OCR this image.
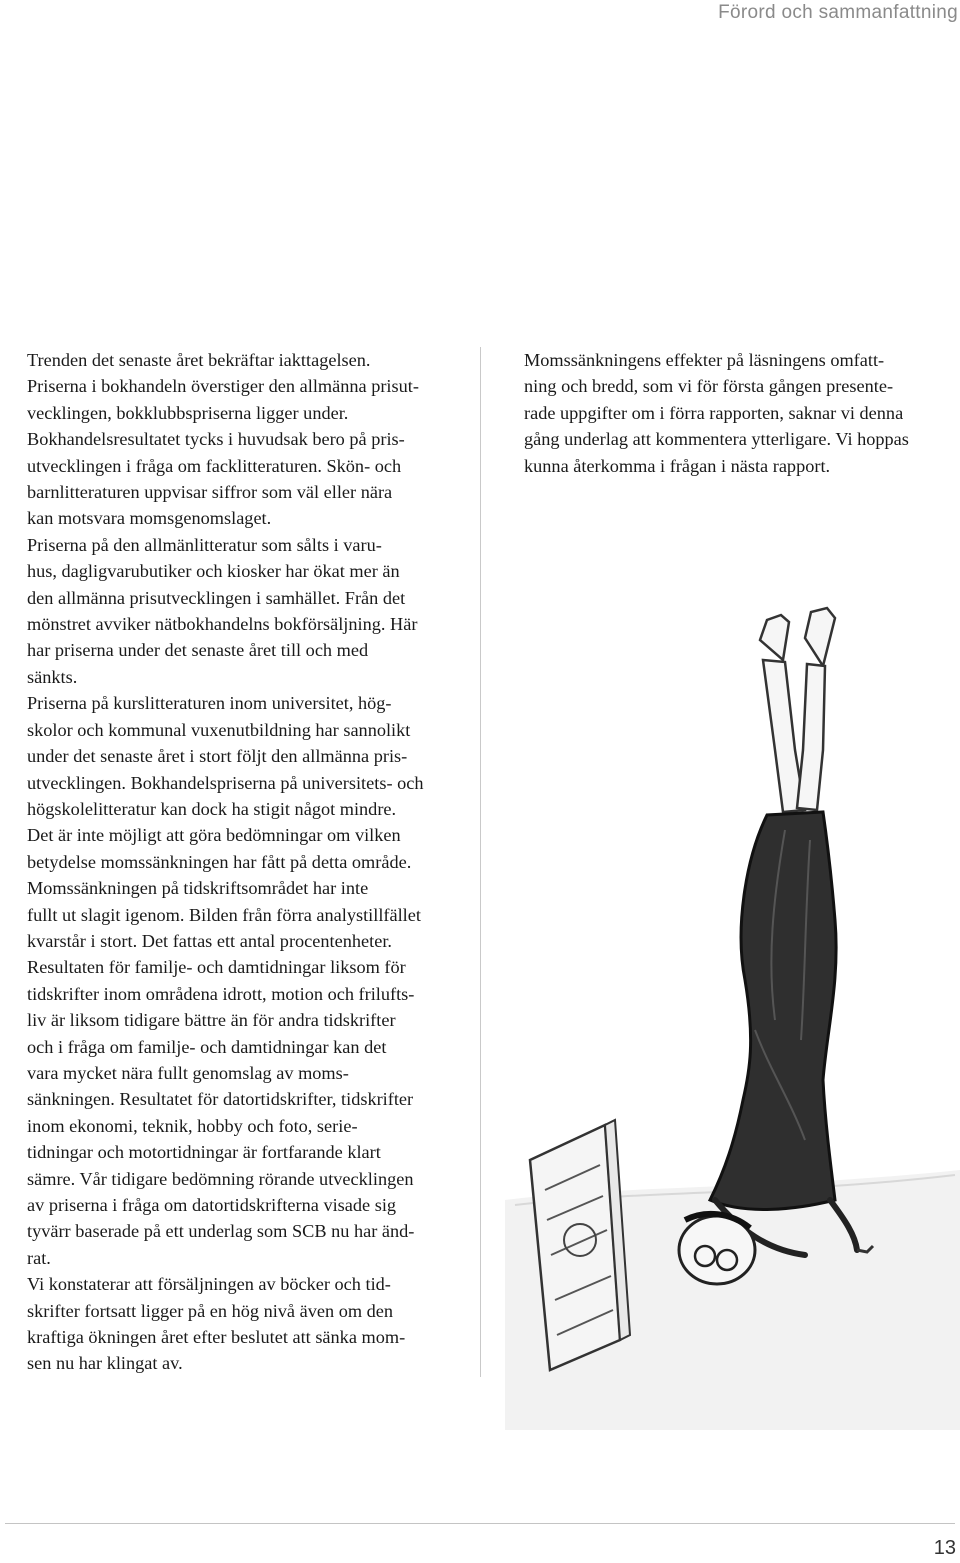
Förord och sammanfattning

Trenden det senaste året bekräftar iakttagelsen.
Priserna i bokhandeln överstiger den allmänna prisut-
vecklingen, bokklubbspriserna ligger under.

Bokhandelsresultatet tycks i huvudsak bero på pris-
utvecklingen i fråga om facklitteraturen. Skön- och
barnlitteraturen uppvisar siffror som väl eller nära
kan motsvara momsgenomslaget.

Priserna på den allmänlitteratur som sålts i varu-
hus, dagligvarubutiker och kiosker har ökat mer än
den allmänna prisutvecklingen i samhället. Från det
mönstret avviker nätbokhandelns bokförsäljning. Här
har priserna under det senaste året till och med
sänkts.

Priserna på kurslitteraturen inom universitet, hög-
skolor och kommunal vuxenutbildning har sannolikt
under det senaste året i stort följt den allmänna pris-
utvecklingen. Bokhandelspriserna på universitets- och
högskolelitteratur kan dock ha stigit något mindre.
Det är inte möjligt att göra bedömningar om vilken
betydelse momssänkningen har fått på detta område.

Momssänkningen på tidskriftsområdet har inte
fullt ut slagit igenom. Bilden från förra analystillfället
kvarstår i stort. Det fattas ett antal procentenheter.
Resultaten för familje- och damtidningar liksom för
tidskrifter inom områdena idrott, motion och frilufts-
liv är liksom tidigare bättre än för andra tidskrifter
och i fråga om familje- och damtidningar kan det
vara mycket nära fullt genomslag av moms-
sänkningen. Resultatet för datortidskrifter, tidskrifter
inom ekonomi, teknik, hobby och foto, serie-
tidningar och motortidningar är fortfarande klart
sämre. Vår tidigare bedömning rörande utvecklingen
av priserna i fråga om datortidskrifterna visade sig
tyvärr baserade på ett underlag som SCB nu har änd-
rat.

Vi konstaterar att försäljningen av böcker och tid-
skrifter fortsatt ligger på en hög nivå även om den
kraftiga ökningen året efter beslutet att sänka mom-
sen nu har klingat av.

Momssänkningens effekter på läsningens omfatt-
ning och bredd, som vi för första gången presente-
rade uppgifter om i förra rapporten, saknar vi denna
gång underlag att kommentera ytterligare. Vi hoppas
kunna återkomma i frågan i nästa rapport.

13
